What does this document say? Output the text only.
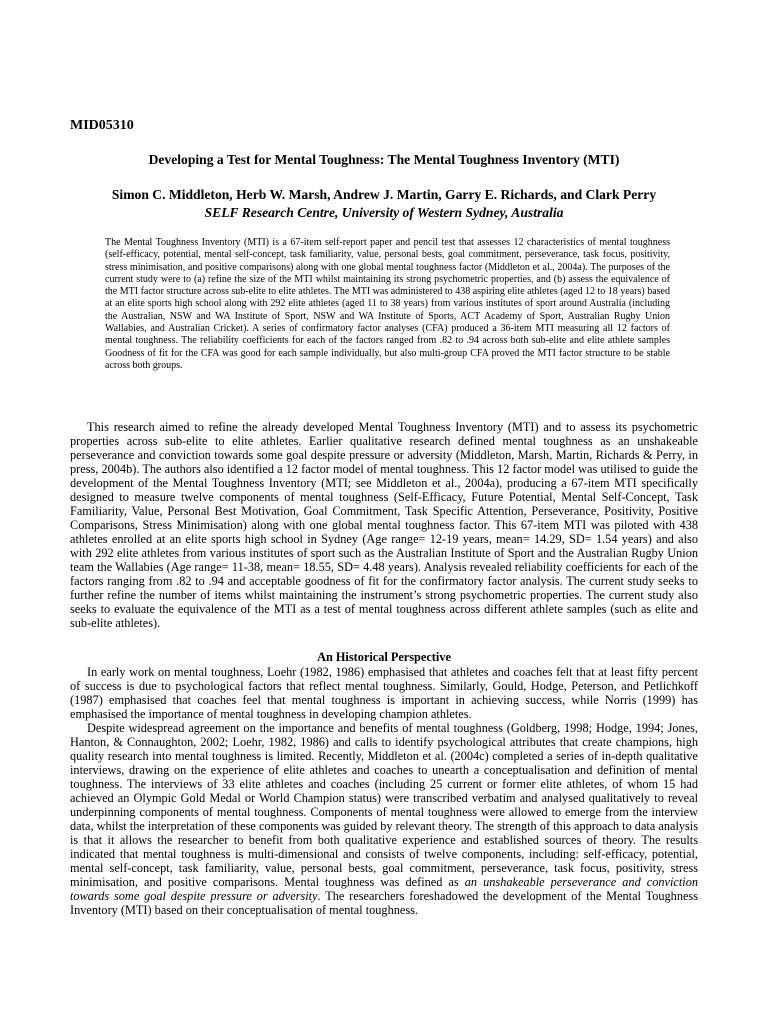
MID05310
Developing a Test for Mental Toughness: The Mental Toughness Inventory (MTI)
Simon C. Middleton, Herb W. Marsh, Andrew J. Martin, Garry E. Richards, and Clark Perry
SELF Research Centre, University of Western Sydney, Australia

The Mental Toughness Inventory (MTI) is a 67-item self-report paper and pencil test that assesses 12 characteristics of mental toughness (self-efficacy, potential, mental self-concept, task familiarity, value, personal bests, goal commitment, perseverance, task focus, positivity, stress minimisation, and positive comparisons) along with one global mental toughness factor (Middleton et al., 2004a). The purposes of the current study were to (a) refine the size of the MTI whilst maintaining its strong psychometric properties, and (b) assess the equivalence of the MTI factor structure across sub-elite to elite athletes. The MTI was administered to 438 aspiring elite athletes (aged 12 to 18 years) based at an elite sports high school along with 292 elite athletes (aged 11 to 38 years) from various institutes of sport around Australia (including the Australian, NSW and WA Institute of Sport, NSW and WA Institute of Sports, ACT Academy of Sport, Australian Rugby Union Wallabies, and Australian Cricket). A series of confirmatory factor analyses (CFA) produced a 36-item MTI measuring all 12 factors of mental toughness. The reliability coefficients for each of the factors ranged from .82 to .94 across both sub-elite and elite athlete samples Goodness of fit for the CFA was good for each sample individually, but also multi-group CFA proved the MTI factor structure to be stable across both groups.

This research aimed to refine the already developed Mental Toughness Inventory (MTI) and to assess its psychometric properties across sub-elite to elite athletes. Earlier qualitative research defined mental toughness as an unshakeable perseverance and conviction towards some goal despite pressure or adversity (Middleton, Marsh, Martin, Richards & Perry, in press, 2004b). The authors also identified a 12 factor model of mental toughness. This 12 factor model was utilised to guide the development of the Mental Toughness Inventory (MTI; see Middleton et al., 2004a), producing a 67-item MTI specifically designed to measure twelve components of mental toughness (Self-Efficacy, Future Potential, Mental Self-Concept, Task Familiarity, Value, Personal Best Motivation, Goal Commitment, Task Specific Attention, Perseverance, Positivity, Positive Comparisons, Stress Minimisation) along with one global mental toughness factor. This 67-item MTI was piloted with 438 athletes enrolled at an elite sports high school in Sydney (Age range= 12-19 years, mean= 14.29, SD= 1.54 years) and also with 292 elite athletes from various institutes of sport such as the Australian Institute of Sport and the Australian Rugby Union team the Wallabies (Age range= 11-38, mean= 18.55, SD= 4.48 years). Analysis revealed reliability coefficients for each of the factors ranging from .82 to .94 and acceptable goodness of fit for the confirmatory factor analysis. The current study seeks to further refine the number of items whilst maintaining the instrument’s strong psychometric properties. The current study also seeks to evaluate the equivalence of the MTI as a test of mental toughness across different athlete samples (such as elite and sub-elite athletes).

An Historical Perspective

In early work on mental toughness, Loehr (1982, 1986) emphasised that athletes and coaches felt that at least fifty percent of success is due to psychological factors that reflect mental toughness. Similarly, Gould, Hodge, Peterson, and Petlichkoff (1987) emphasised that coaches feel that mental toughness is important in achieving success, while Norris (1999) has emphasised the importance of mental toughness in developing champion athletes.

Despite widespread agreement on the importance and benefits of mental toughness (Goldberg, 1998; Hodge, 1994; Jones, Hanton, & Connaughton, 2002; Loehr, 1982, 1986) and calls to identify psychological attributes that create champions, high quality research into mental toughness is limited. Recently, Middleton et al. (2004c) completed a series of in-depth qualitative interviews, drawing on the experience of elite athletes and coaches to unearth a conceptualisation and definition of mental toughness. The interviews of 33 elite athletes and coaches (including 25 current or former elite athletes, of whom 15 had achieved an Olympic Gold Medal or World Champion status) were transcribed verbatim and analysed qualitatively to reveal underpinning components of mental toughness. Components of mental toughness were allowed to emerge from the interview data, whilst the interpretation of these components was guided by relevant theory. The strength of this approach to data analysis is that it allows the researcher to benefit from both qualitative experience and established sources of theory. The results indicated that mental toughness is multi-dimensional and consists of twelve components, including: self-efficacy, potential, mental self-concept, task familiarity, value, personal bests, goal commitment, perseverance, task focus, positivity, stress minimisation, and positive comparisons. Mental toughness was defined as an unshakeable perseverance and conviction towards some goal despite pressure or adversity. The researchers foreshadowed the development of the Mental Toughness Inventory (MTI) based on their conceptualisation of mental toughness.
